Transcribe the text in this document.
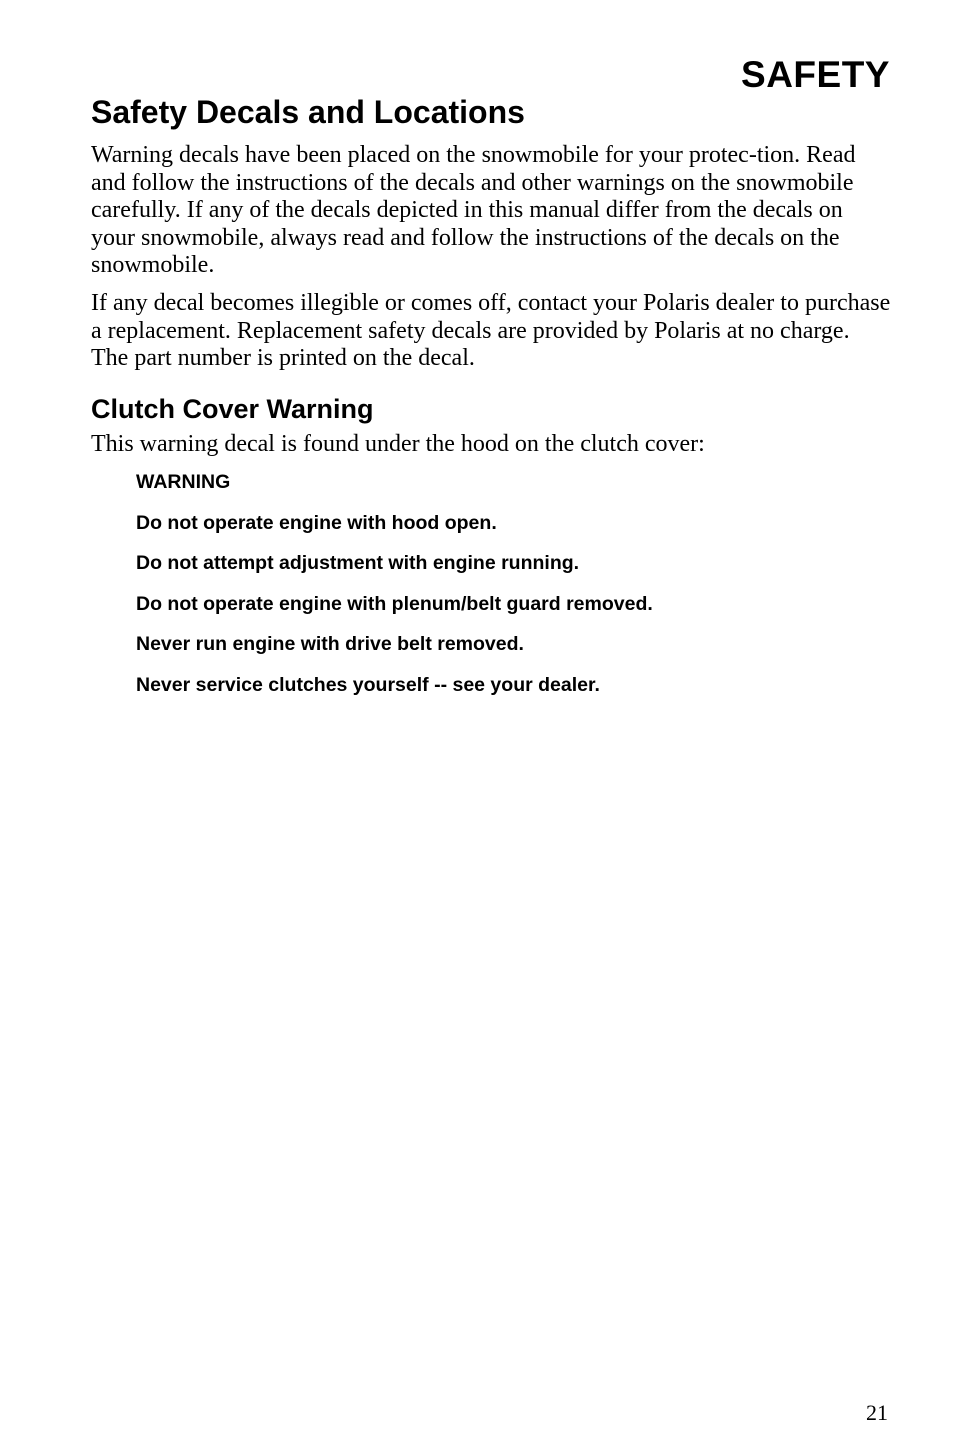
SAFETY
Safety Decals and Locations

Warning decals have been placed on the snowmobile for your protec-tion. Read and follow the instructions of the decals and other warnings on the snowmobile carefully. If any of the decals depicted in this manual differ from the decals on your snowmobile, always read and follow the instructions of the decals on the snowmobile.

If any decal becomes illegible or comes off, contact your Polaris dealer to purchase a replacement. Replacement safety decals are provided by Polaris at no charge. The part number is printed on the decal.

Clutch Cover Warning

This warning decal is found under the hood on the clutch cover:

WARNING
Do not operate engine with hood open.
Do not attempt adjustment with engine running.
Do not operate engine with plenum/belt guard removed.
Never run engine with drive belt removed.
Never service clutches yourself -- see your dealer.

21
